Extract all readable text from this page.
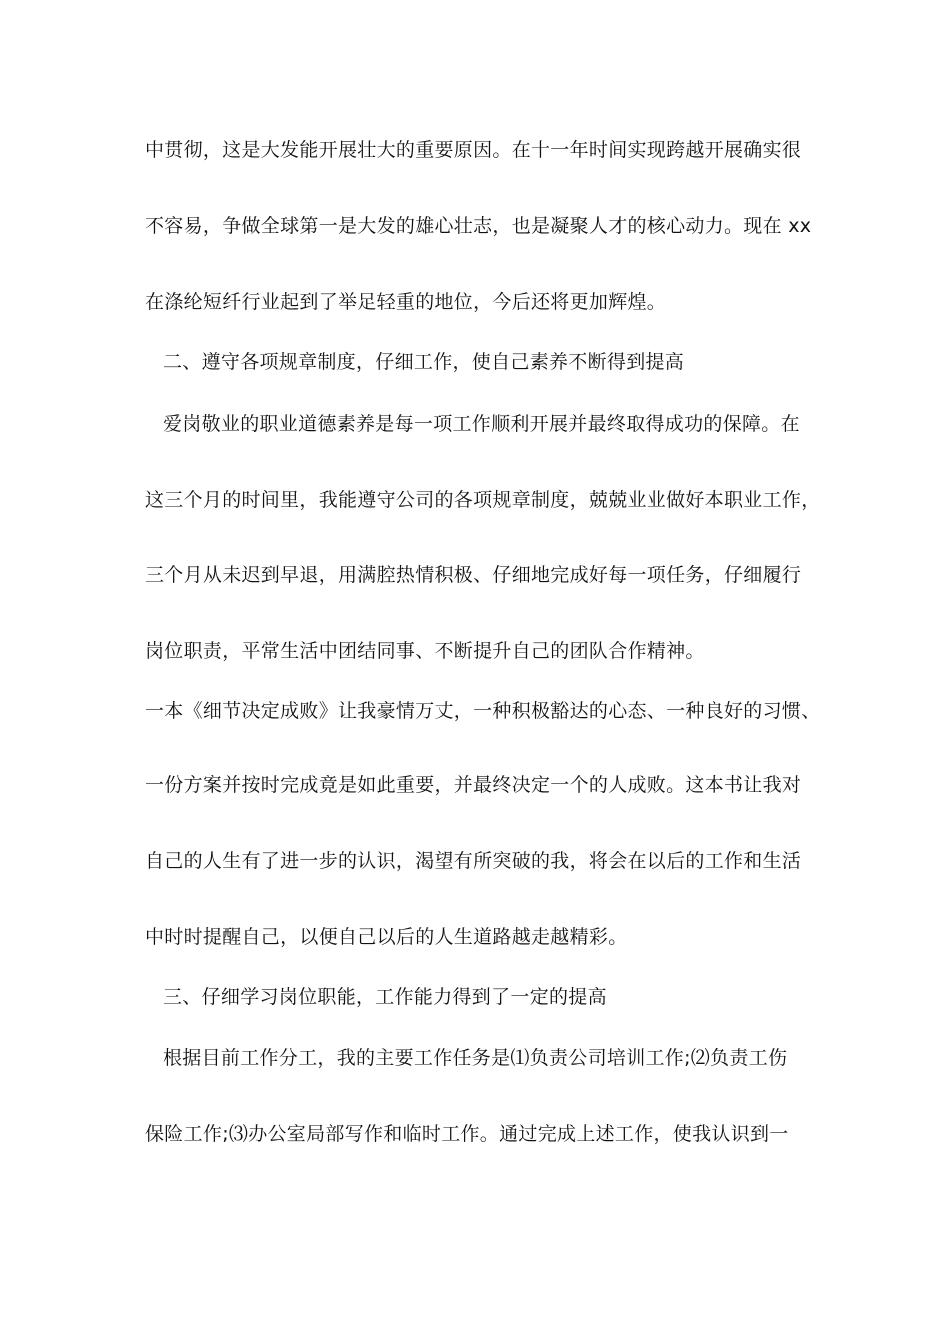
中贯彻，这是大发能开展壮大的重要原因。在十一年时间实现跨越开展确实很
不容易，争做全球第一是大发的雄心壮志，也是凝聚人才的核心动力。现在 xx
在涤纶短纤行业起到了举足轻重的地位，今后还将更加辉煌。
二、遵守各项规章制度，仔细工作，使自己素养不断得到提高
爱岗敬业的职业道德素养是每一项工作顺利开展并最终取得成功的保障。在
这三个月的时间里，我能遵守公司的各项规章制度，兢兢业业做好本职业工作，
三个月从未迟到早退，用满腔热情积极、仔细地完成好每一项任务，仔细履行
岗位职责，平常生活中团结同事、不断提升自己的团队合作精神。
一本《细节决定成败》让我豪情万丈，一种积极豁达的心态、一种良好的习惯、
一份方案并按时完成竟是如此重要，并最终决定一个的人成败。这本书让我对
自己的人生有了进一步的认识，渴望有所突破的我，将会在以后的工作和生活
中时时提醒自己，以便自己以后的人生道路越走越精彩。
三、仔细学习岗位职能，工作能力得到了一定的提高
根据目前工作分工，我的主要工作任务是⑴负责公司培训工作;⑵负责工伤
保险工作;⑶办公室局部写作和临时工作。通过完成上述工作，使我认识到一
